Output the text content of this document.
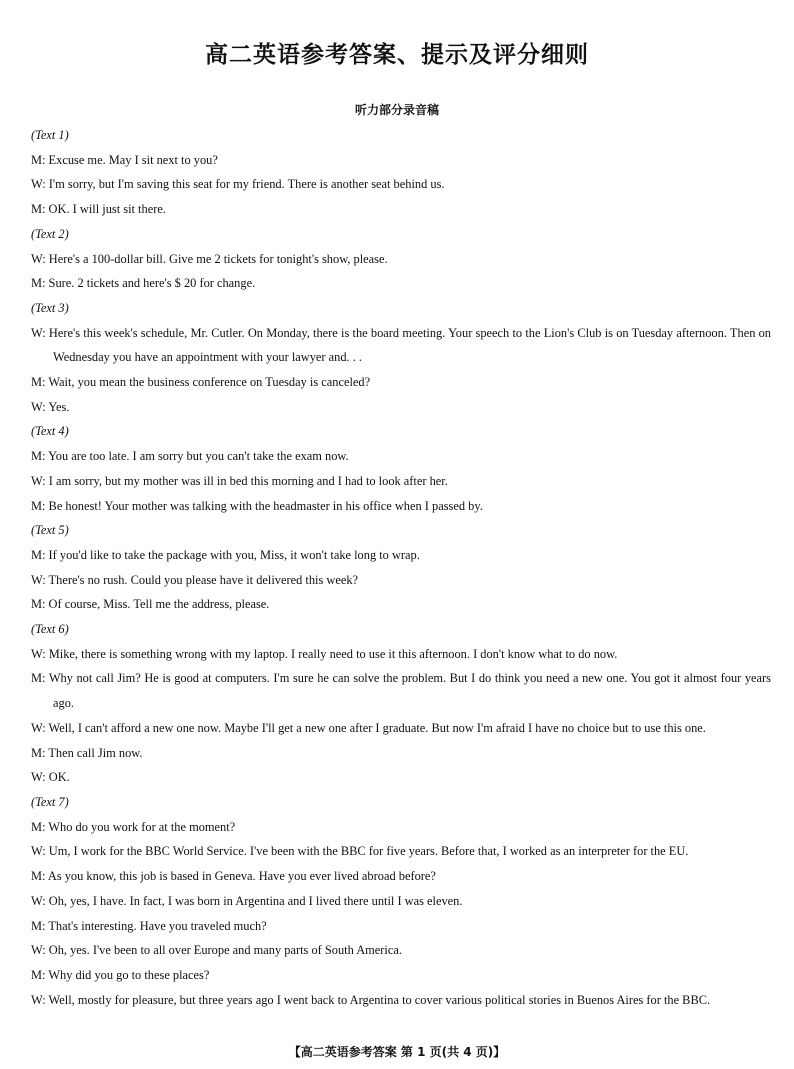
高二英语参考答案、提示及评分细则
听力部分录音稿
(Text 1)
M: Excuse me. May I sit next to you?
W: I'm sorry, but I'm saving this seat for my friend. There is another seat behind us.
M: OK. I will just sit there.
(Text 2)
W: Here's a 100-dollar bill. Give me 2 tickets for tonight's show, please.
M: Sure. 2 tickets and here's $ 20 for change.
(Text 3)
W: Here's this week's schedule, Mr. Cutler. On Monday, there is the board meeting. Your speech to the Lion's Club is on Tuesday afternoon. Then on Wednesday you have an appointment with your lawyer and. . .
M: Wait, you mean the business conference on Tuesday is canceled?
W: Yes.
(Text 4)
M: You are too late. I am sorry but you can't take the exam now.
W: I am sorry, but my mother was ill in bed this morning and I had to look after her.
M: Be honest! Your mother was talking with the headmaster in his office when I passed by.
(Text 5)
M: If you'd like to take the package with you, Miss, it won't take long to wrap.
W: There's no rush. Could you please have it delivered this week?
M: Of course, Miss. Tell me the address, please.
(Text 6)
W: Mike, there is something wrong with my laptop. I really need to use it this afternoon. I don't know what to do now.
M: Why not call Jim? He is good at computers. I'm sure he can solve the problem. But I do think you need a new one. You got it almost four years ago.
W: Well, I can't afford a new one now. Maybe I'll get a new one after I graduate. But now I'm afraid I have no choice but to use this one.
M: Then call Jim now.
W: OK.
(Text 7)
M: Who do you work for at the moment?
W: Um, I work for the BBC World Service. I've been with the BBC for five years. Before that, I worked as an interpreter for the EU.
M: As you know, this job is based in Geneva. Have you ever lived abroad before?
W: Oh, yes, I have. In fact, I was born in Argentina and I lived there until I was eleven.
M: That's interesting. Have you traveled much?
W: Oh, yes. I've been to all over Europe and many parts of South America.
M: Why did you go to these places?
W: Well, mostly for pleasure, but three years ago I went back to Argentina to cover various political stories in Buenos Aires for the BBC.
【高二英语参考答案 第 1 页(共 4 页)】
